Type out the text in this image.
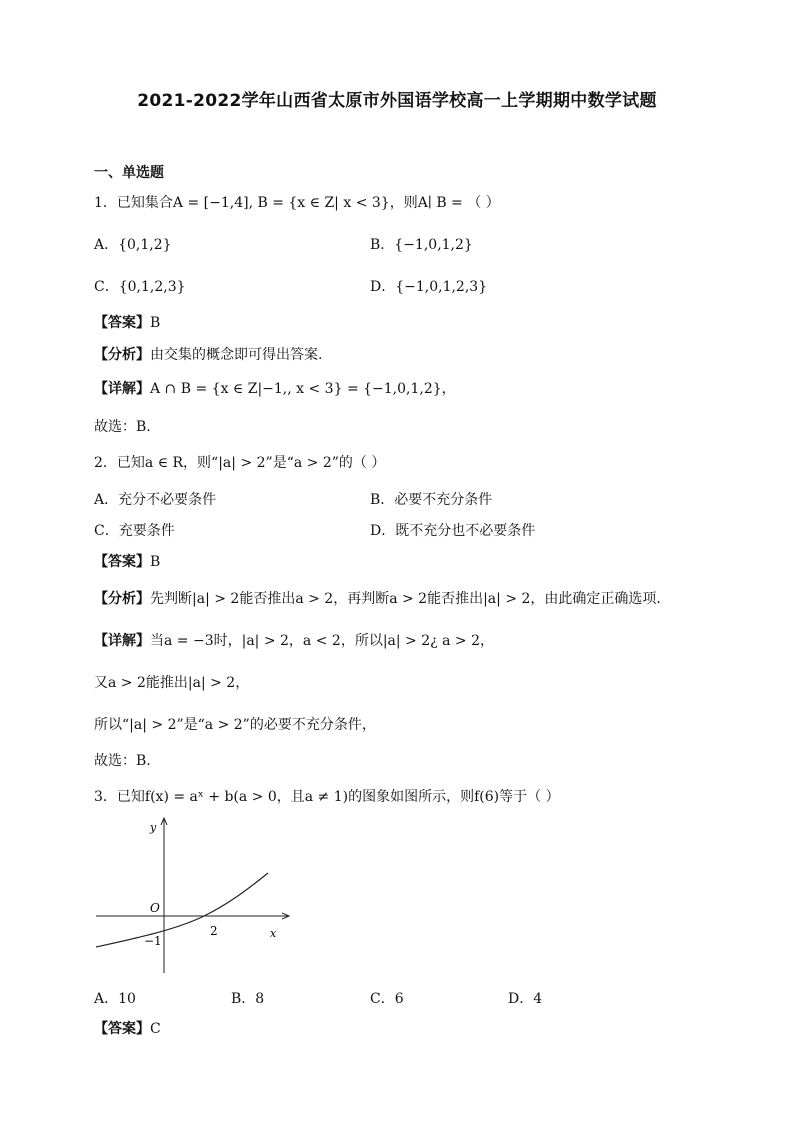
2021-2022学年山西省太原市外国语学校高一上学期期中数学试题
一、单选题
1．已知集合A = [−1,4], B = {x ∈ Z| x < 3}，则A∣ B = （ ）
A．{0,1,2}	B．{−1,0,1,2}
C．{0,1,2,3}	D．{−1,0,1,2,3}
【答案】B
【分析】由交集的概念即可得出答案.
【详解】A ∩ B = {x ∈ Z|−1,, x < 3} = {−1,0,1,2}，
故选：B.
2．已知a ∈ R，则“|a| > 2”是“a > 2”的（ ）
A．充分不必要条件	B．必要不充分条件
C．充要条件	D．既不充分也不必要条件
【答案】B
【分析】先判断|a| > 2能否推出a > 2，再判断a > 2能否推出|a| > 2，由此确定正确选项.
【详解】当a = −3时，|a| > 2，a < 2，所以|a| > 2¿ a > 2，
又a > 2能推出|a| > 2，
所以“|a| > 2”是“a > 2”的必要不充分条件，
故选：B.
3．已知f(x) = aˣ + b(a > 0，且a ≠ 1)的图象如图所示，则f(6)等于（ ）
y
x
O
−1
2
A．10	B．8	C．6	D．4
【答案】C
